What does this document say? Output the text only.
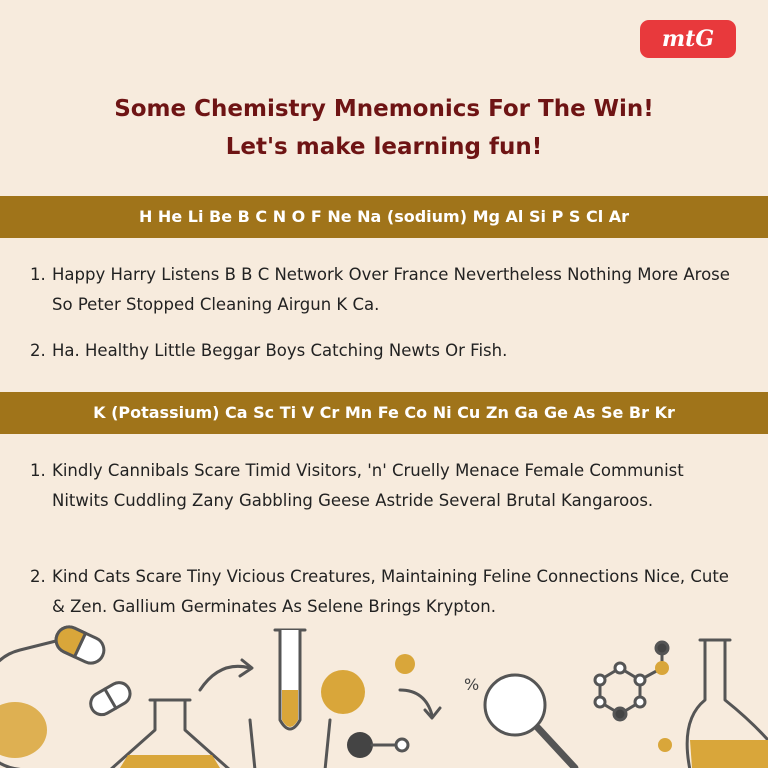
mtG
Some Chemistry Mnemonics For The Win!
Let's make learning fun!
H He Li Be B C N O F Ne Na (sodium) Mg Al Si P S Cl Ar
1. Happy Harry Listens B B C Network Over France Nevertheless Nothing More Arose So Peter Stopped Cleaning Airgun K Ca.
2. Ha. Healthy Little Beggar Boys Catching Newts Or Fish.
K (Potassium) Ca Sc Ti V Cr Mn Fe Co Ni Cu Zn Ga Ge As Se Br Kr
1. Kindly Cannibals Scare Timid Visitors, 'n' Cruelly Menace Female Communist Nitwits Cuddling Zany Gabbling Geese Astride Several Brutal Kangaroos.
2. Kind Cats Scare Tiny Vicious Creatures, Maintaining Feline Connections Nice, Cute & Zen. Gallium Germinates As Selene Brings Krypton.
%
